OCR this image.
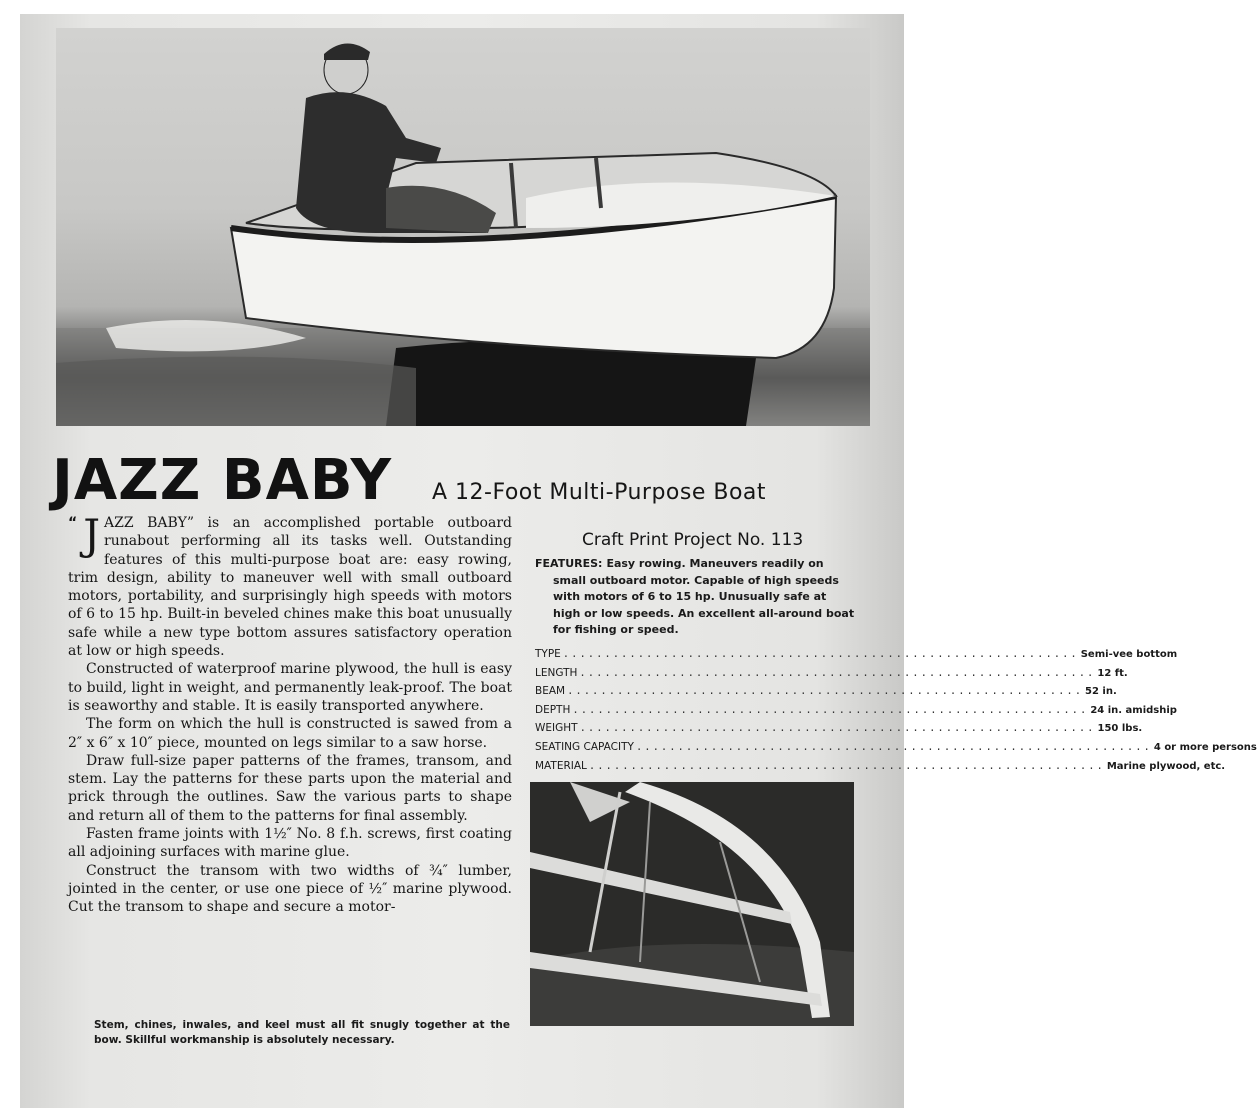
JAZZ BABY A 12-Foot Multi-Purpose Boat

“ J AZZ BABY” is an accomplished portable outboard runabout performing all its tasks well. Outstanding features of this multi-purpose boat are: easy rowing, trim design, ability to maneuver well with small outboard motors, portability, and surprisingly high speeds with motors of 6 to 15 hp. Built-in beveled chines make this boat unusually safe while a new type bottom assures satisfactory operation at low or high speeds.

Constructed of waterproof marine plywood, the hull is easy to build, light in weight, and permanently leak-proof. The boat is seaworthy and stable. It is easily transported anywhere.

The form on which the hull is constructed is sawed from a 2″ x 6″ x 10″ piece, mounted on legs similar to a saw horse.

Draw full-size paper patterns of the frames, transom, and stem. Lay the patterns for these parts upon the material and prick through the outlines. Saw the various parts to shape and return all of them to the patterns for final assembly.

Fasten frame joints with 1½″ No. 8 f.h. screws, first coating all adjoining surfaces with marine glue.

Construct the transom with two widths of ¾″ lumber, jointed in the center, or use one piece of ½″ marine plywood. Cut the transom to shape and secure a motor-

Stem, chines, inwales, and keel must all fit snugly together at the bow. Skillful workmanship is absolutely necessary.
Craft Print Project No. 113
FEATURES: Easy rowing. Maneuvers readily on small outboard motor. Capable of high speeds with motors of 6 to 15 hp. Unusually safe at high or low speeds. An excellent all-around boat for fishing or speed.
TYPE .............................................................. Semi-vee bottom
LENGTH .............................................................. 12 ft.
BEAM .............................................................. 52 in.
DEPTH .............................................................. 24 in. amidship
WEIGHT .............................................................. 150 lbs.
SEATING CAPACITY .............................................................. 4 or more persons
MATERIAL .............................................................. Marine plywood, etc.
